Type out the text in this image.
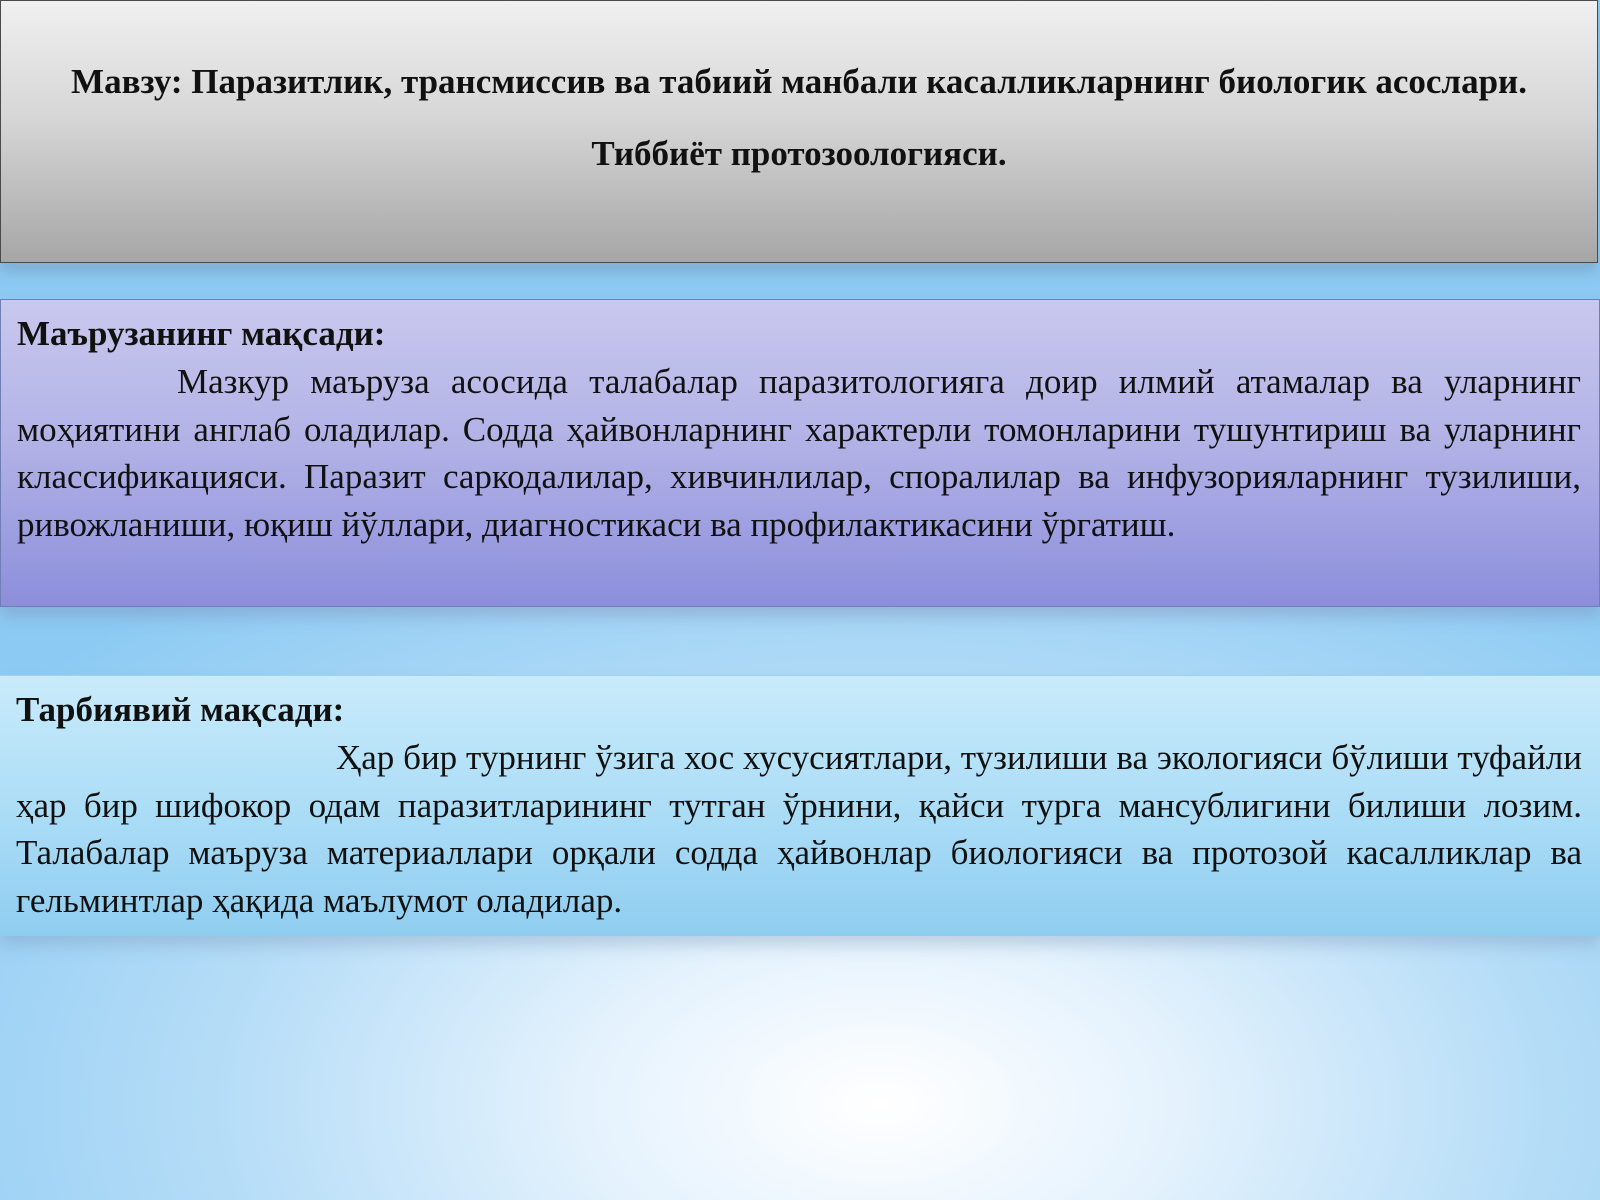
Мавзу: Паразитлик, трансмиссив ва табиий манбали касалликларнинг биологик асослари. Тиббиёт протозоологияси.
Маърузанинг мақсади:
Мазкур маъруза асосида талабалар паразитологияга доир илмий атамалар ва уларнинг моҳиятини англаб оладилар. Содда ҳайвонларнинг характерли томонларини тушунтириш ва уларнинг классификацияси. Паразит саркодалилар, хивчинлилар, споралилар ва инфузорияларнинг тузилиши, ривожланиши, юқиш йўллари, диагностикаси ва профилактикасини ўргатиш.
Тарбиявий мақсади:
Ҳар бир турнинг ўзига хос хусусиятлари, тузилиши ва экологияси бўлиши туфайли ҳар бир шифокор одам паразитларининг тутган ўрнини, қайси турга мансублигини билиши лозим. Талабалар маъруза материаллари орқали содда ҳайвонлар биологияси ва протозой касалликлар ва гельминтлар ҳақида маълумот оладилар.
